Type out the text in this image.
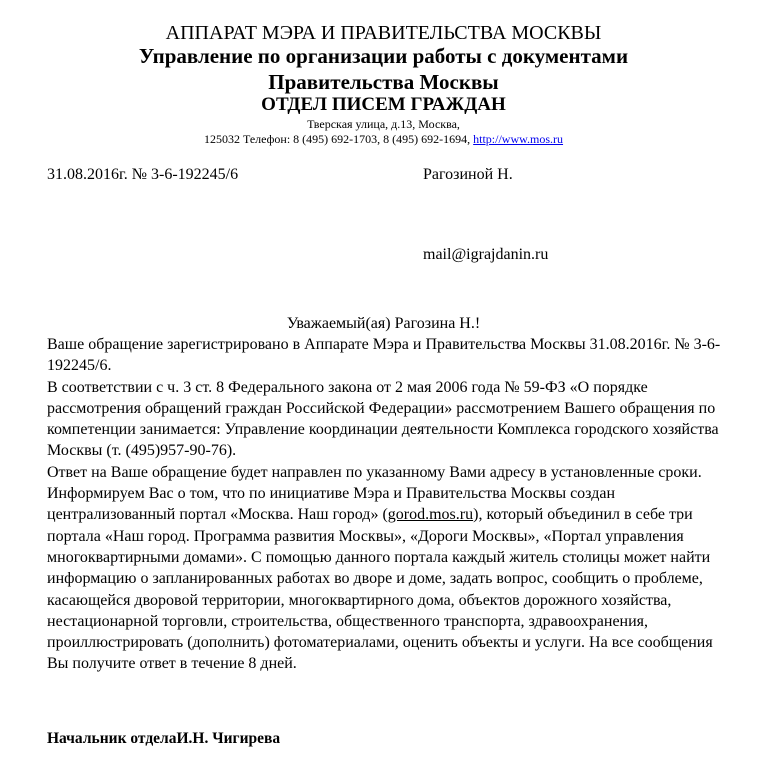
АППАРАТ МЭРА И ПРАВИТЕЛЬСТВА МОСКВЫ
Управление по организации работы с документами
Правительства Москвы
ОТДЕЛ ПИСЕМ ГРАЖДАН
Тверская улица, д.13, Москва,
125032 Телефон: 8 (495) 692-1703, 8 (495) 692-1694, http://www.mos.ru
31.08.2016г. № 3-6-192245/6	Рагозиной Н.
mail@igrajdanin.ru
Уважаемый(ая) Рагозина Н.!

Ваше обращение зарегистрировано в Аппарате Мэра и Правительства Москвы 31.08.2016г. № 3-6-192245/6.

В соответствии с ч. 3 ст. 8 Федерального закона от 2 мая 2006 года № 59-ФЗ «О порядке рассмотрения обращений граждан Российской Федерации» рассмотрением Вашего обращения по компетенции занимается: Управление координации деятельности Комплекса городского хозяйства Москвы (т. (495)957-90-76).

Ответ на Ваше обращение будет направлен по указанному Вами адресу в установленные сроки.

Информируем Вас о том, что по инициативе Мэра и Правительства Москвы создан централизованный портал «Москва. Наш город» (gorod.mos.ru), который объединил в себе три портала «Наш город. Программа развития Москвы», «Дороги Москвы», «Портал управления многоквартирными домами». С помощью данного портала каждый житель столицы может найти информацию о запланированных работах во дворе и доме, задать вопрос, сообщить о проблеме, касающейся дворовой территории, многоквартирного дома, объектов дорожного хозяйства, нестационарной торговли, строительства, общественного транспорта, здравоохранения, проиллюстрировать (дополнить) фотоматериалами, оценить объекты и услуги. На все сообщения Вы получите ответ в течение 8 дней.

Начальник отделаИ.Н. Чигирева
